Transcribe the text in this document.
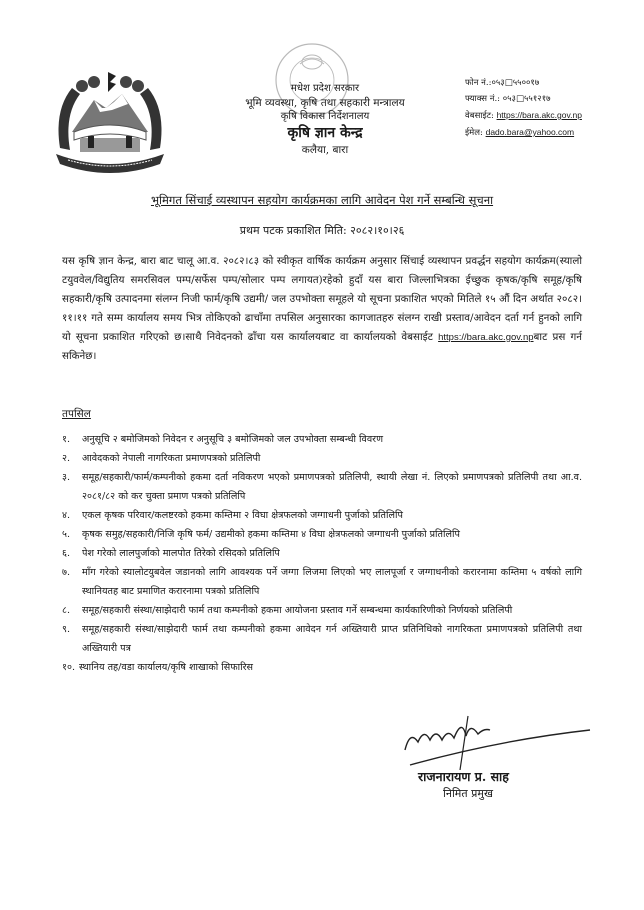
मधेश प्रदेश सरकार
भूमि व्यवस्था, कृषि तथा सहकारी मन्त्रालय
कृषि विकास निर्देशनालय
कृषि ज्ञान केन्द्र
कलैया, बारा
फोन नं.:०५३□५५००१७
फ्याक्स नं.: ०५३□५५१२१७
वेबसाईट: https://bara.akc.gov.np
ईमेल: dado.bara@yahoo.com
भूमिगत सिंचाई व्यस्थापन सहयोग कार्यक्रमका लागि आवेदन पेश गर्ने सम्बन्धि सूचना
प्रथम पटक प्रकाशित मिति: २०८२।१०।२६
यस कृषि ज्ञान केन्द्र, बारा बाट चालू आ.व. २०८२।८३ को स्वीकृत वार्षिक कार्यक्रम अनुसार सिंचाई व्यस्थापन प्रवर्द्धन सहयोग कार्यक्रम(स्यालो टयुववेल/विद्युतिय समरसिवल पम्प/सर्फेस पम्प/सोलार पम्प लगायत)रहेको हुदाँ यस बारा जिल्लाभित्रका ईच्छुक कृषक/कृषि समूह/कृषि सहकारी/कृषि उत्पादनमा संलग्न निजी फार्म/कृषि उद्यमी/ जल उपभोक्ता समूहले यो सूचना प्रकाशित भएको मितिले १५ औं दिन अर्थात २०८२।११।११ गते सम्म कार्यालय समय भित्र तोकिएको ढाचाँमा तपसिल अनुसारका कागजातहरु संलग्न राखी प्रस्ताव/आवेदन दर्ता गर्न हुनको लागि यो सूचना प्रकाशित गरिएको छ।साथै निवेदनको ढाँचा यस कार्यालयबाट वा कार्यालयको वेबसाईट https://bara.akc.gov.npबाट प्रस गर्न सकिनेछ।
तपसिल
१.	अनुसूचि २ बमोजिमको निवेदन र अनुसूचि ३ बमोजिमको जल उपभोक्ता सम्बन्धी विवरण
२.	आवेदकको नेपाली नागरिकता प्रमाणपत्रको प्रतिलिपी
३.	समूह/सहकारी/फार्म/कम्पनीको हकमा दर्ता नविकरण भएको प्रमाणपत्रको प्रतिलिपी, स्थायी लेखा नं. लिएको प्रमाणपत्रको प्रतिलिपी तथा आ.व. २०८१/८२ को कर चुक्ता प्रमाण पत्रको प्रतिलिपि
४.	एकल कृषक परिवार/कलष्टरको हकमा कम्तिमा २ विघा क्षेत्रफलको जग्गाधनी पुर्जाको प्रतिलिपि
५.	कृषक समुह/सहकारी/निजि कृषि फर्म/ उद्यमीको हकमा कम्तिमा ४ विघा क्षेत्रफलको जग्गाधनी पुर्जाको प्रतिलिपि
६.	पेश गरेको लालपुर्जाको मालपोत तिरेको रसिदको प्रतिलिपि
७.	माँग गरेको स्यालोटयुबवेल जडानको लागि आवश्यक पर्ने जग्गा लिजमा लिएको भए लालपूर्जा र जग्गाधनीको करारनामा कम्तिमा ५ वर्षको लागि स्थानियतह बाट प्रमाणित करारनामा पत्रको प्रतिलिपि
८.	समूह/सहकारी संस्था/साझेदारी फार्म तथा कम्पनीको हकमा आयोजना प्रस्ताव गर्ने सम्बन्धमा कार्यकारिणीको निर्णयको प्रतिलिपी
९.	समूह/सहकारी संस्था/साझेदारी फार्म तथा कम्पनीको हकमा आवेदन गर्न अख्तियारी प्राप्त प्रतिनिधिको नागरिकता प्रमाणपत्रको प्रतिलिपी तथा अख्तियारी पत्र
१०. स्थानिय तह/वडा कार्यालय/कृषि शाखाको सिफारिस
राजनारायण प्र. साह
निमित प्रमुख
